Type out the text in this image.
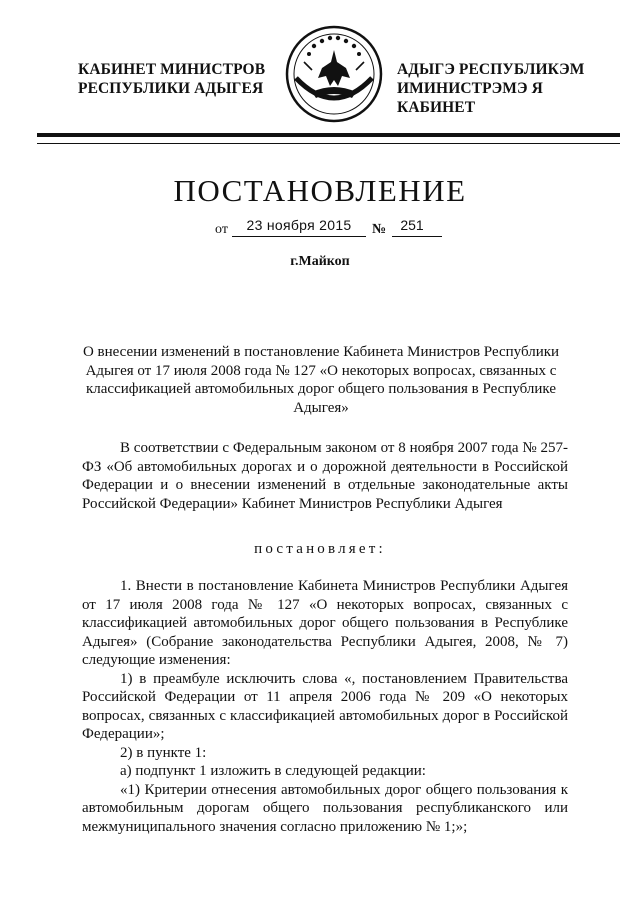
КАБИНЕТ МИНИСТРОВ
РЕСПУБЛИКИ АДЫГЕЯ
АДЫГЭ РЕСПУБЛИКЭМ
ИМИНИСТРЭМЭ Я КАБИНЕТ
ПОСТАНОВЛЕНИЕ
от	23 ноября 2015	№	251
г.Майкоп
О внесении изменений в постановление Кабинета Министров Республики Адыгея от 17 июля 2008 года № 127 «О некоторых вопросах, связанных с классификацией автомобильных дорог общего пользования в Республике Адыгея»

В соответствии с Федеральным законом от 8 ноября 2007 года № 257-ФЗ «Об автомобильных дорогах и о дорожной деятельности в Российской Федерации и о внесении изменений в отдельные законодательные акты Российской Федерации» Кабинет Министров Республики Адыгея

постановляет:

1. Внести в постановление Кабинета Министров Республики Адыгея от 17 июля 2008 года № 127 «О некоторых вопросах, связанных с классификацией автомобильных дорог общего пользования в Республике Адыгея» (Собрание законодательства Республики Адыгея, 2008, № 7) следующие изменения:

1) в преамбуле исключить слова «, постановлением Правительства Российской Федерации от 11 апреля 2006 года № 209 «О некоторых вопросах, связанных с классификацией автомобильных дорог в Российской Федерации»;

2) в пункте 1:

а) подпункт 1 изложить в следующей редакции:

«1) Критерии отнесения автомобильных дорог общего пользования к автомобильным дорогам общего пользования республиканского или межмуниципального значения согласно приложению № 1;»;
